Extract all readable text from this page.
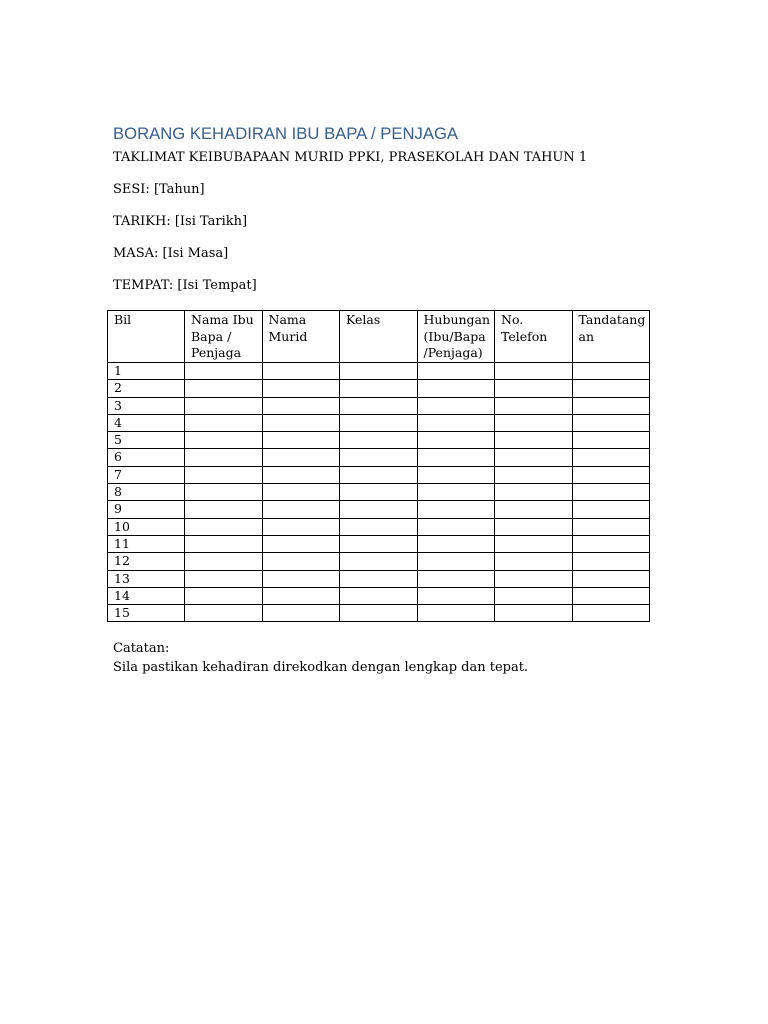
BORANG KEHADIRAN IBU BAPA / PENJAGA

TAKLIMAT KEIBUBAPAAN MURID PPKI, PRASEKOLAH DAN TAHUN 1

SESI: [Tahun]

TARIKH: [Isi Tarikh]

MASA: [Isi Masa]

TEMPAT: [Isi Tempat]

Bil	Nama Ibu Bapa / Penjaga	Nama Murid	Kelas	Hubungan (Ibu/Bapa /Penjaga)	No. Telefon	Tandatang an
1						
2						
3						
4						
5						
6						
7						
8						
9						
10						
11						
12						
13						
14						
15						

Catatan:

Sila pastikan kehadiran direkodkan dengan lengkap dan tepat.
